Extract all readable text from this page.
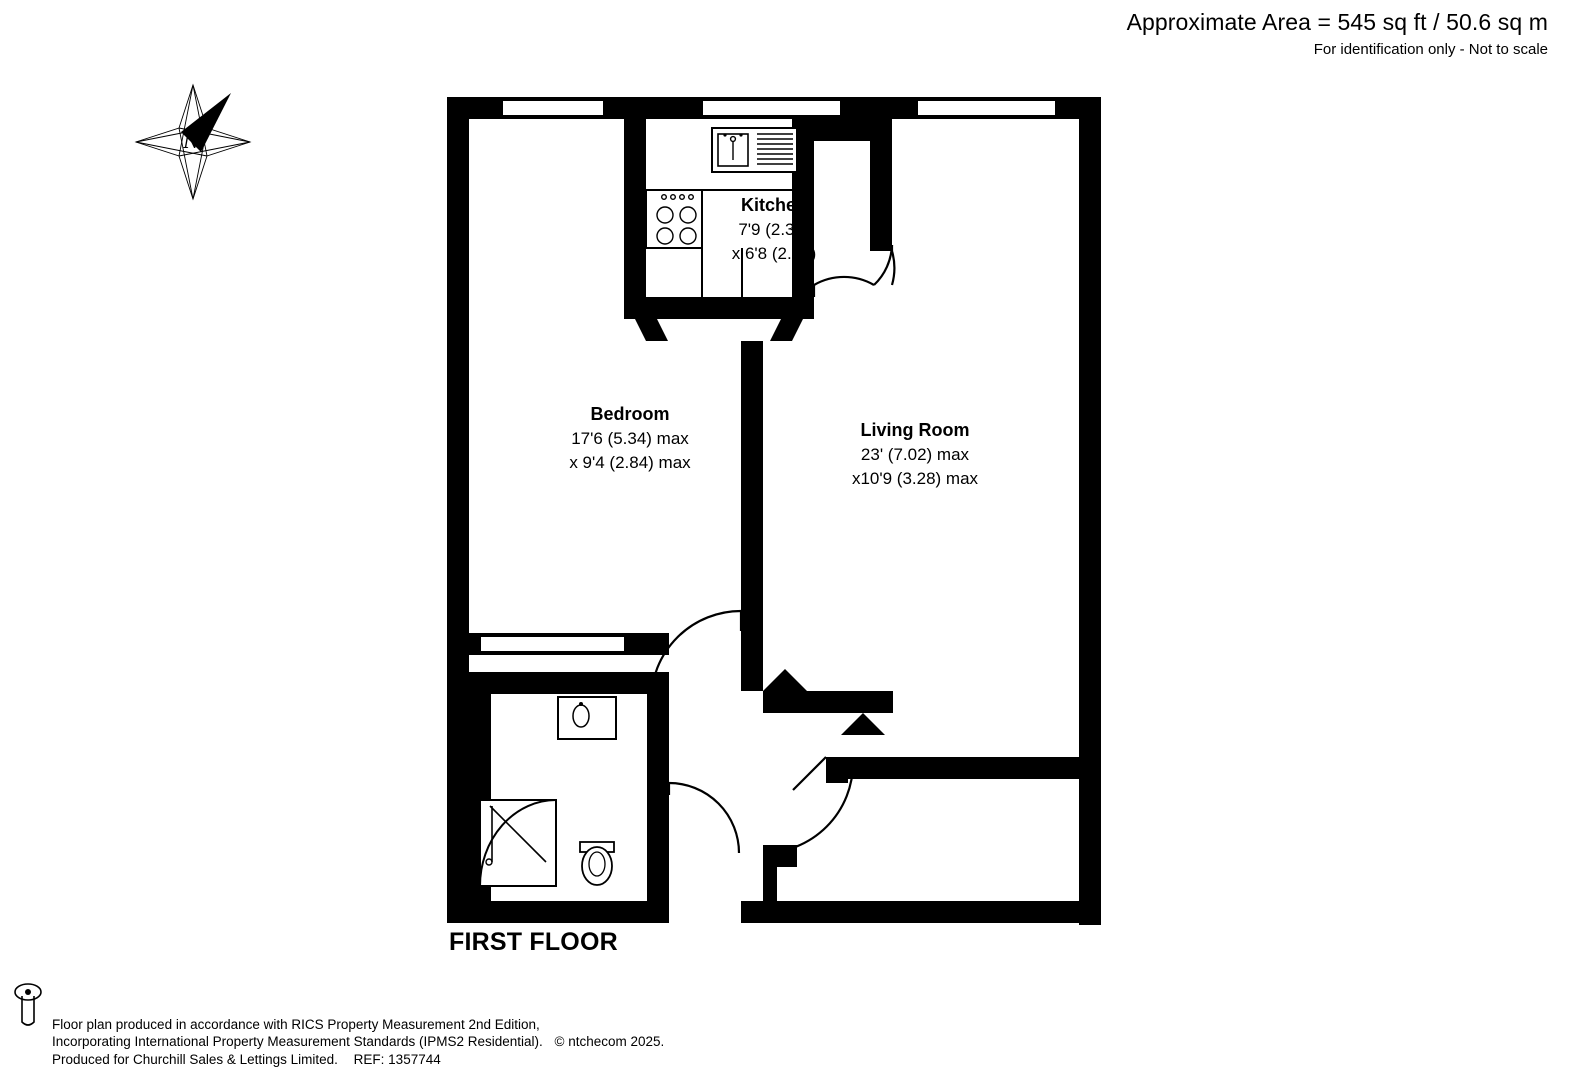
Approximate Area = 545 sq ft / 50.6 sq m
For identification only - Not to scale
N
Kitchen
7'9 (2.37)
x 6'8 (2.02)
Bedroom
17'6 (5.34) max
x 9'4 (2.84) max
Living Room
23' (7.02) max
x10'9 (3.28) max
FIRST FLOOR
Floor plan produced in accordance with RICS Property Measurement 2nd Edition,
Incorporating International Property Measurement Standards (IPMS2 Residential). © ntchecom 2025.
Produced for Churchill Sales & Lettings Limited. REF: 1357744
